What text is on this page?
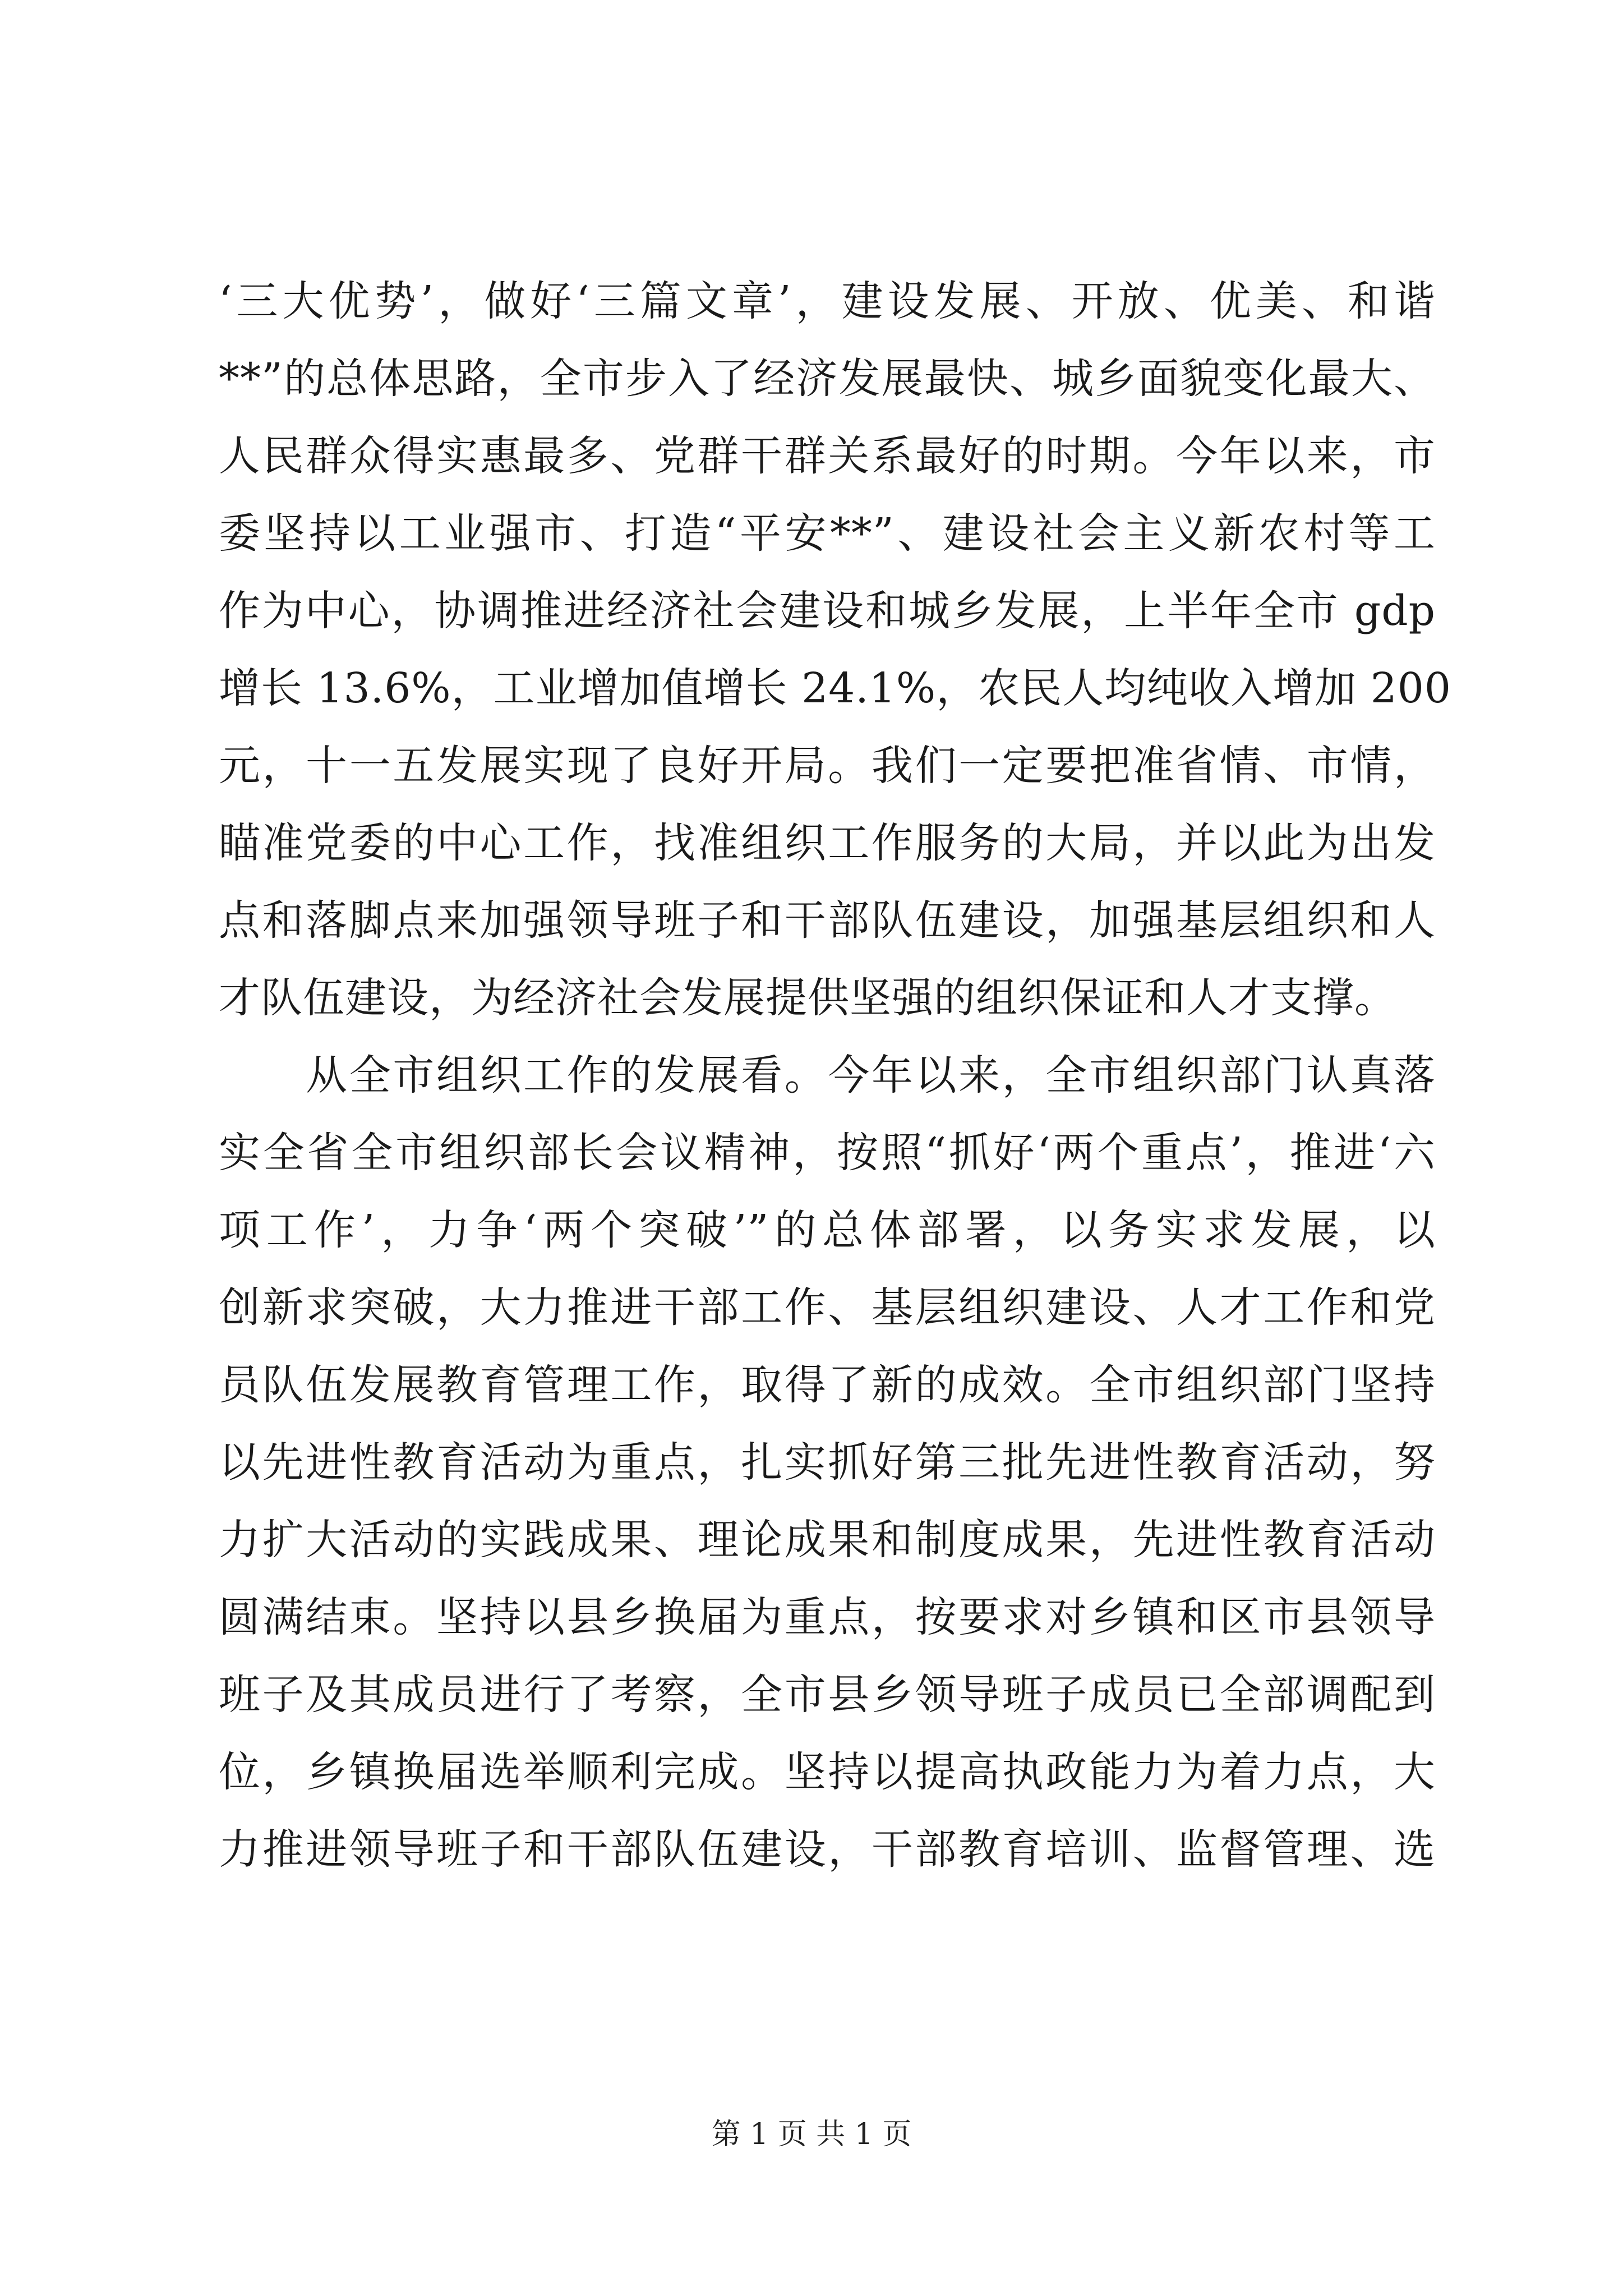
‘三大优势’，做好‘三篇文章’，建设发展、开放、优美、和谐
**”的总体思路，全市步入了经济发展最快、城乡面貌变化最大、
人民群众得实惠最多、党群干群关系最好的时期。今年以来，市
委坚持以工业强市、打造“平安**”、建设社会主义新农村等工
作为中心，协调推进经济社会建设和城乡发展，上半年全市 gdp
增长 13.6%，工业增加值增长 24.1%，农民人均纯收入增加 200
元，十一五发展实现了良好开局。我们一定要把准省情、市情，
瞄准党委的中心工作，找准组织工作服务的大局，并以此为出发
点和落脚点来加强领导班子和干部队伍建设，加强基层组织和人
才队伍建设，为经济社会发展提供坚强的组织保证和人才支撑。
　　从全市组织工作的发展看。今年以来，全市组织部门认真落
实全省全市组织部长会议精神，按照“抓好‘两个重点’，推进‘六
项工作’，力争‘两个突破’”的总体部署，以务实求发展，以
创新求突破，大力推进干部工作、基层组织建设、人才工作和党
员队伍发展教育管理工作，取得了新的成效。全市组织部门坚持
以先进性教育活动为重点，扎实抓好第三批先进性教育活动，努
力扩大活动的实践成果、理论成果和制度成果，先进性教育活动
圆满结束。坚持以县乡换届为重点，按要求对乡镇和区市县领导
班子及其成员进行了考察，全市县乡领导班子成员已全部调配到
位，乡镇换届选举顺利完成。坚持以提高执政能力为着力点，大
力推进领导班子和干部队伍建设，干部教育培训、监督管理、选
第 1 页 共 1 页
